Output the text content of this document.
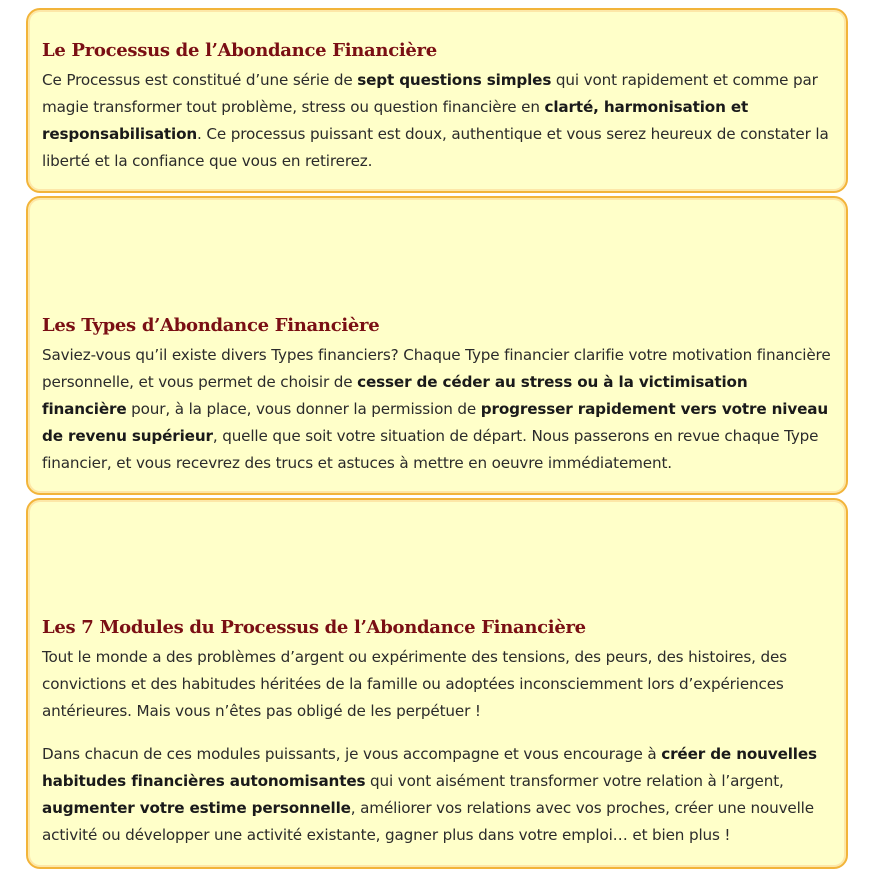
Le Processus de l’Abondance Financière

Ce Processus est constitué d’une série de sept questions simples qui vont rapidement et comme par magie transformer tout problème, stress ou question financière en clarté, harmonisation et responsabilisation. Ce processus puissant est doux, authentique et vous serez heureux de constater la liberté et la confiance que vous en retirerez.

Les Types d’Abondance Financière

Saviez-vous qu’il existe divers Types financiers? Chaque Type financier clarifie votre motivation financière personnelle, et vous permet de choisir de cesser de céder au stress ou à la victimisation financière pour, à la place, vous donner la permission de progresser rapidement vers votre niveau de revenu supérieur, quelle que soit votre situation de départ. Nous passerons en revue chaque Type financier, et vous recevrez des trucs et astuces à mettre en oeuvre immédiatement.

Les 7 Modules du Processus de l’Abondance Financière

Tout le monde a des problèmes d’argent ou expérimente des tensions, des peurs, des histoires, des convictions et des habitudes héritées de la famille ou adoptées inconsciemment lors d’expériences antérieures. Mais vous n’êtes pas obligé de les perpétuer !

Dans chacun de ces modules puissants, je vous accompagne et vous encourage à créer de nouvelles habitudes financières autonomisantes qui vont aisément transformer votre relation à l’argent, augmenter votre estime personnelle, améliorer vos relations avec vos proches, créer une nouvelle activité ou développer une activité existante, gagner plus dans votre emploi… et bien plus !
